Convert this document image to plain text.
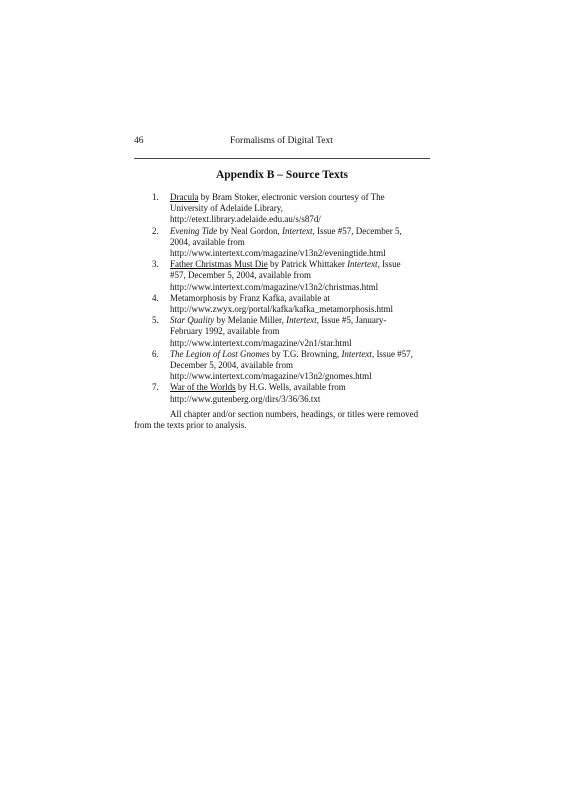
46	Formalisms of Digital Text
Appendix B – Source Texts
1. Dracula by Bram Stoker, electronic version courtesy of The
University of Adelaide Library,
http://etext.library.adelaide.edu.au/s/s87d/
2. Evening Tide by Neal Gordon, Intertext, Issue #57, December 5,
2004, available from
http://www.intertext.com/magazine/v13n2/eveningtide.html
3. Father Christmas Must Die by Patrick Whittaker Intertext, Issue
#57, December 5, 2004, available from
http://www.intertext.com/magazine/v13n2/christmas.html
4. Metamorphosis by Franz Kafka, available at
http://www.zwyx.org/portal/kafka/kafka_metamorphosis.html
5. Star Quality by Melanie Miller, Intertext, Issue #5, January-
February 1992, available from
http://www.intertext.com/magazine/v2n1/star.html
6. The Legion of Lost Gnomes by T.G. Browning, Intertext, Issue #57,
December 5, 2004, available from
http://www.intertext.com/magazine/v13n2/gnomes.html
7. War of the Worlds by H.G. Wells, available from
http://www.gutenberg.org/dirs/3/36/36.txt

All chapter and/or section numbers, headings, or titles were removed from the texts prior to analysis.
